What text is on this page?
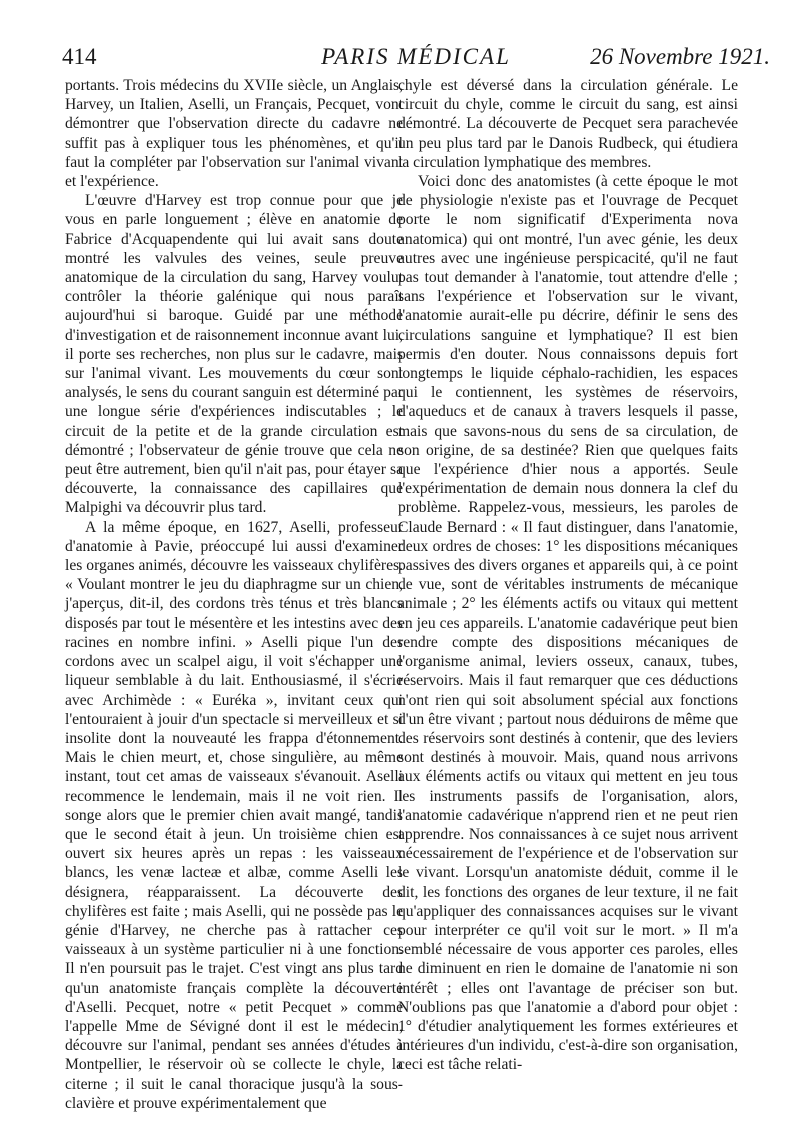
414	PARIS MÉDICAL	26 Novembre 1921.

portants. Trois médecins du XVIIe siècle, un Anglais, Harvey, un Italien, Aselli, un Français, Pecquet, vont démontrer que l'observation directe du cadavre ne suffit pas à expliquer tous les phénomènes, et qu'il faut la compléter par l'observation sur l'animal vivant et l'expérience.

L'œuvre d'Harvey est trop connue pour que je vous en parle longuement ; élève en anatomie de Fabrice d'Acquapendente qui lui avait sans doute montré les valvules des veines, seule preuve anatomique de la circulation du sang, Harvey voulut contrôler la théorie galénique qui nous paraît aujourd'hui si baroque. Guidé par une méthode d'investigation et de raisonnement inconnue avant lui, il porte ses recherches, non plus sur le cadavre, mais sur l'animal vivant. Les mouvements du cœur sont analysés, le sens du courant sanguin est déterminé par une longue série d'expériences indiscutables ; le circuit de la petite et de la grande circulation est démontré ; l'observateur de génie trouve que cela ne peut être autrement, bien qu'il n'ait pas, pour étayer sa découverte, la connaissance des capillaires que Malpighi va découvrir plus tard.

A la même époque, en 1627, Aselli, professeur d'anatomie à Pavie, préoccupé lui aussi d'examiner les organes animés, découvre les vaisseaux chylifères. « Voulant montrer le jeu du diaphragme sur un chien, j'aperçus, dit-il, des cordons très ténus et très blancs disposés par tout le mésentère et les intestins avec des racines en nombre infini. » Aselli pique l'un des cordons avec un scalpel aigu, il voit s'échapper une liqueur semblable à du lait. Enthousiasmé, il s'écrie avec Archimède : « Euréka », invitant ceux qui l'entouraient à jouir d'un spectacle si merveilleux et si insolite dont la nouveauté les frappa d'étonnement. Mais le chien meurt, et, chose singulière, au même instant, tout cet amas de vaisseaux s'évanouit. Aselli recommence le lendemain, mais il ne voit rien. Il songe alors que le premier chien avait mangé, tandis que le second était à jeun. Un troisième chien est ouvert six heures après un repas : les vaisseaux blancs, les venæ lacteæ et albæ, comme Aselli les désignera, réapparaissent. La découverte des chylifères est faite ; mais Aselli, qui ne possède pas le génie d'Harvey, ne cherche pas à rattacher ces vaisseaux à un système particulier ni à une fonction. Il n'en poursuit pas le trajet. C'est vingt ans plus tard qu'un anatomiste français complète la découverte d'Aselli. Pecquet, notre « petit Pecquet » comme l'appelle Mme de Sévigné dont il est le médecin, découvre sur l'animal, pendant ses années d'études à Montpellier, le réservoir où se collecte le chyle, la citerne ; il suit le canal thoracique jusqu'à la sous-clavière et prouve expérimentalement que

chyle est déversé dans la circulation générale. Le circuit du chyle, comme le circuit du sang, est ainsi démontré. La découverte de Pecquet sera parachevée un peu plus tard par le Danois Rudbeck, qui étudiera la circulation lymphatique des membres.

Voici donc des anatomistes (à cette époque le mot de physiologie n'existe pas et l'ouvrage de Pecquet porte le nom significatif d'Experimenta nova anatomica) qui ont montré, l'un avec génie, les deux autres avec une ingénieuse perspicacité, qu'il ne faut pas tout demander à l'anatomie, tout attendre d'elle ; sans l'expérience et l'observation sur le vivant, l'anatomie aurait-elle pu décrire, définir le sens des circulations sanguine et lymphatique? Il est bien permis d'en douter. Nous connaissons depuis fort longtemps le liquide céphalo-rachidien, les espaces qui le contiennent, les systèmes de réservoirs, d'aqueducs et de canaux à travers lesquels il passe, mais que savons-nous du sens de sa circulation, de son origine, de sa destinée? Rien que quelques faits que l'expérience d'hier nous a apportés. Seule l'expérimentation de demain nous donnera la clef du problème. Rappelez-vous, messieurs, les paroles de Claude Bernard : « Il faut distinguer, dans l'anatomie, deux ordres de choses: 1° les dispositions mécaniques passives des divers organes et appareils qui, à ce point de vue, sont de véritables instruments de mécanique animale ; 2° les éléments actifs ou vitaux qui mettent en jeu ces appareils. L'anatomie cadavérique peut bien rendre compte des dispositions mécaniques de l'organisme animal, leviers osseux, canaux, tubes, réservoirs. Mais il faut remarquer que ces déductions n'ont rien qui soit absolument spécial aux fonctions d'un être vivant ; partout nous déduirons de même que des réservoirs sont destinés à contenir, que des leviers sont destinés à mouvoir. Mais, quand nous arrivons aux éléments actifs ou vitaux qui mettent en jeu tous les instruments passifs de l'organisation, alors, l'anatomie cadavérique n'apprend rien et ne peut rien apprendre. Nos connaissances à ce sujet nous arrivent nécessairement de l'expérience et de l'observation sur le vivant. Lorsqu'un anatomiste déduit, comme il le dit, les fonctions des organes de leur texture, il ne fait qu'appliquer des connaissances acquises sur le vivant pour interpréter ce qu'il voit sur le mort. » Il m'a semblé nécessaire de vous apporter ces paroles, elles ne diminuent en rien le domaine de l'anatomie ni son intérêt ; elles ont l'avantage de préciser son but. N'oublions pas que l'anatomie a d'abord pour objet : 1° d'étudier analytiquement les formes extérieures et intérieures d'un individu, c'est-à-dire son organisation, ceci est tâche relati-
